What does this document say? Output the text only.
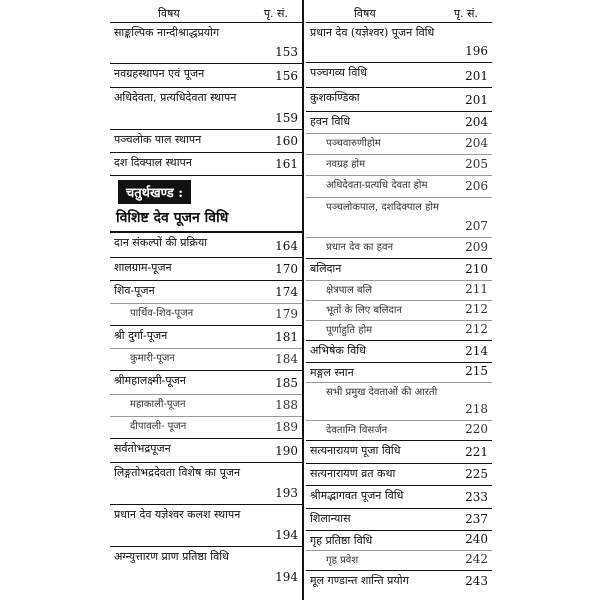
विषय	पृ. सं.
साङ्कल्पिक नान्दीश्राद्धप्रयोग
153
नवग्रहस्थापन एवं पूजन	156
अधिदेवता, प्रत्यधिदेवता स्थापन
159
पञ्चलोक पाल स्थापन	160
दश दिक्पाल स्थापन	161
चतुर्थखण्ड :
विशिष्ट देव पूजन विधि
दान संकल्पों की प्रक्रिया	164
शालग्राम-पूजन	170
शिव-पूजन	174
पार्थिव-शिव-पूजन	179
श्री दुर्गा-पूजन	181
कुमारी-पूजन	184
श्रीमहालक्ष्मी-पूजन	185
महाकाली-पूजन	188
दीपावली- पूजन	189
सर्वतोभद्रपूजन	190
लिङ्गतोभद्रदेवता विशेष का पूजन
193
प्रधान देव यज्ञेश्वर कलश स्थापन
194
अग्न्युत्तारण प्राण प्रतिष्ठा विधि
194
विषय	पृ. सं.
प्रधान देव (यज्ञेश्वर) पूजन विधि
196
पञ्चगव्य विधि	201
कुशकण्डिका	201
हवन विधि	204
पञ्चवारुणीहोम	204
नवग्रह होम	205
अधिदेवता-प्रत्यधि देवता होम	206
पञ्चलोकपाल, दशदिक्पाल होम
207
प्रधान देव का हवन	209
बलिदान	210
क्षेत्रपाल बलि	211
भूतों के लिए बलिदान	212
पूर्णाहुति होम	212
अभिषेक विधि	214
मङ्गल स्नान	215
सभी प्रमुख देवताओं की आरती
218
देवताग्नि विसर्जन	220
सत्यनारायण पूजा विधि	221
सत्यनारायण व्रत कथा	225
श्रीमद्भागवत पूजन विधि	233
शिलान्यास	237
गृह प्रतिष्ठा विधि	240
गृह प्रवेश	242
मूल गण्डान्त शान्ति प्रयोग	243
